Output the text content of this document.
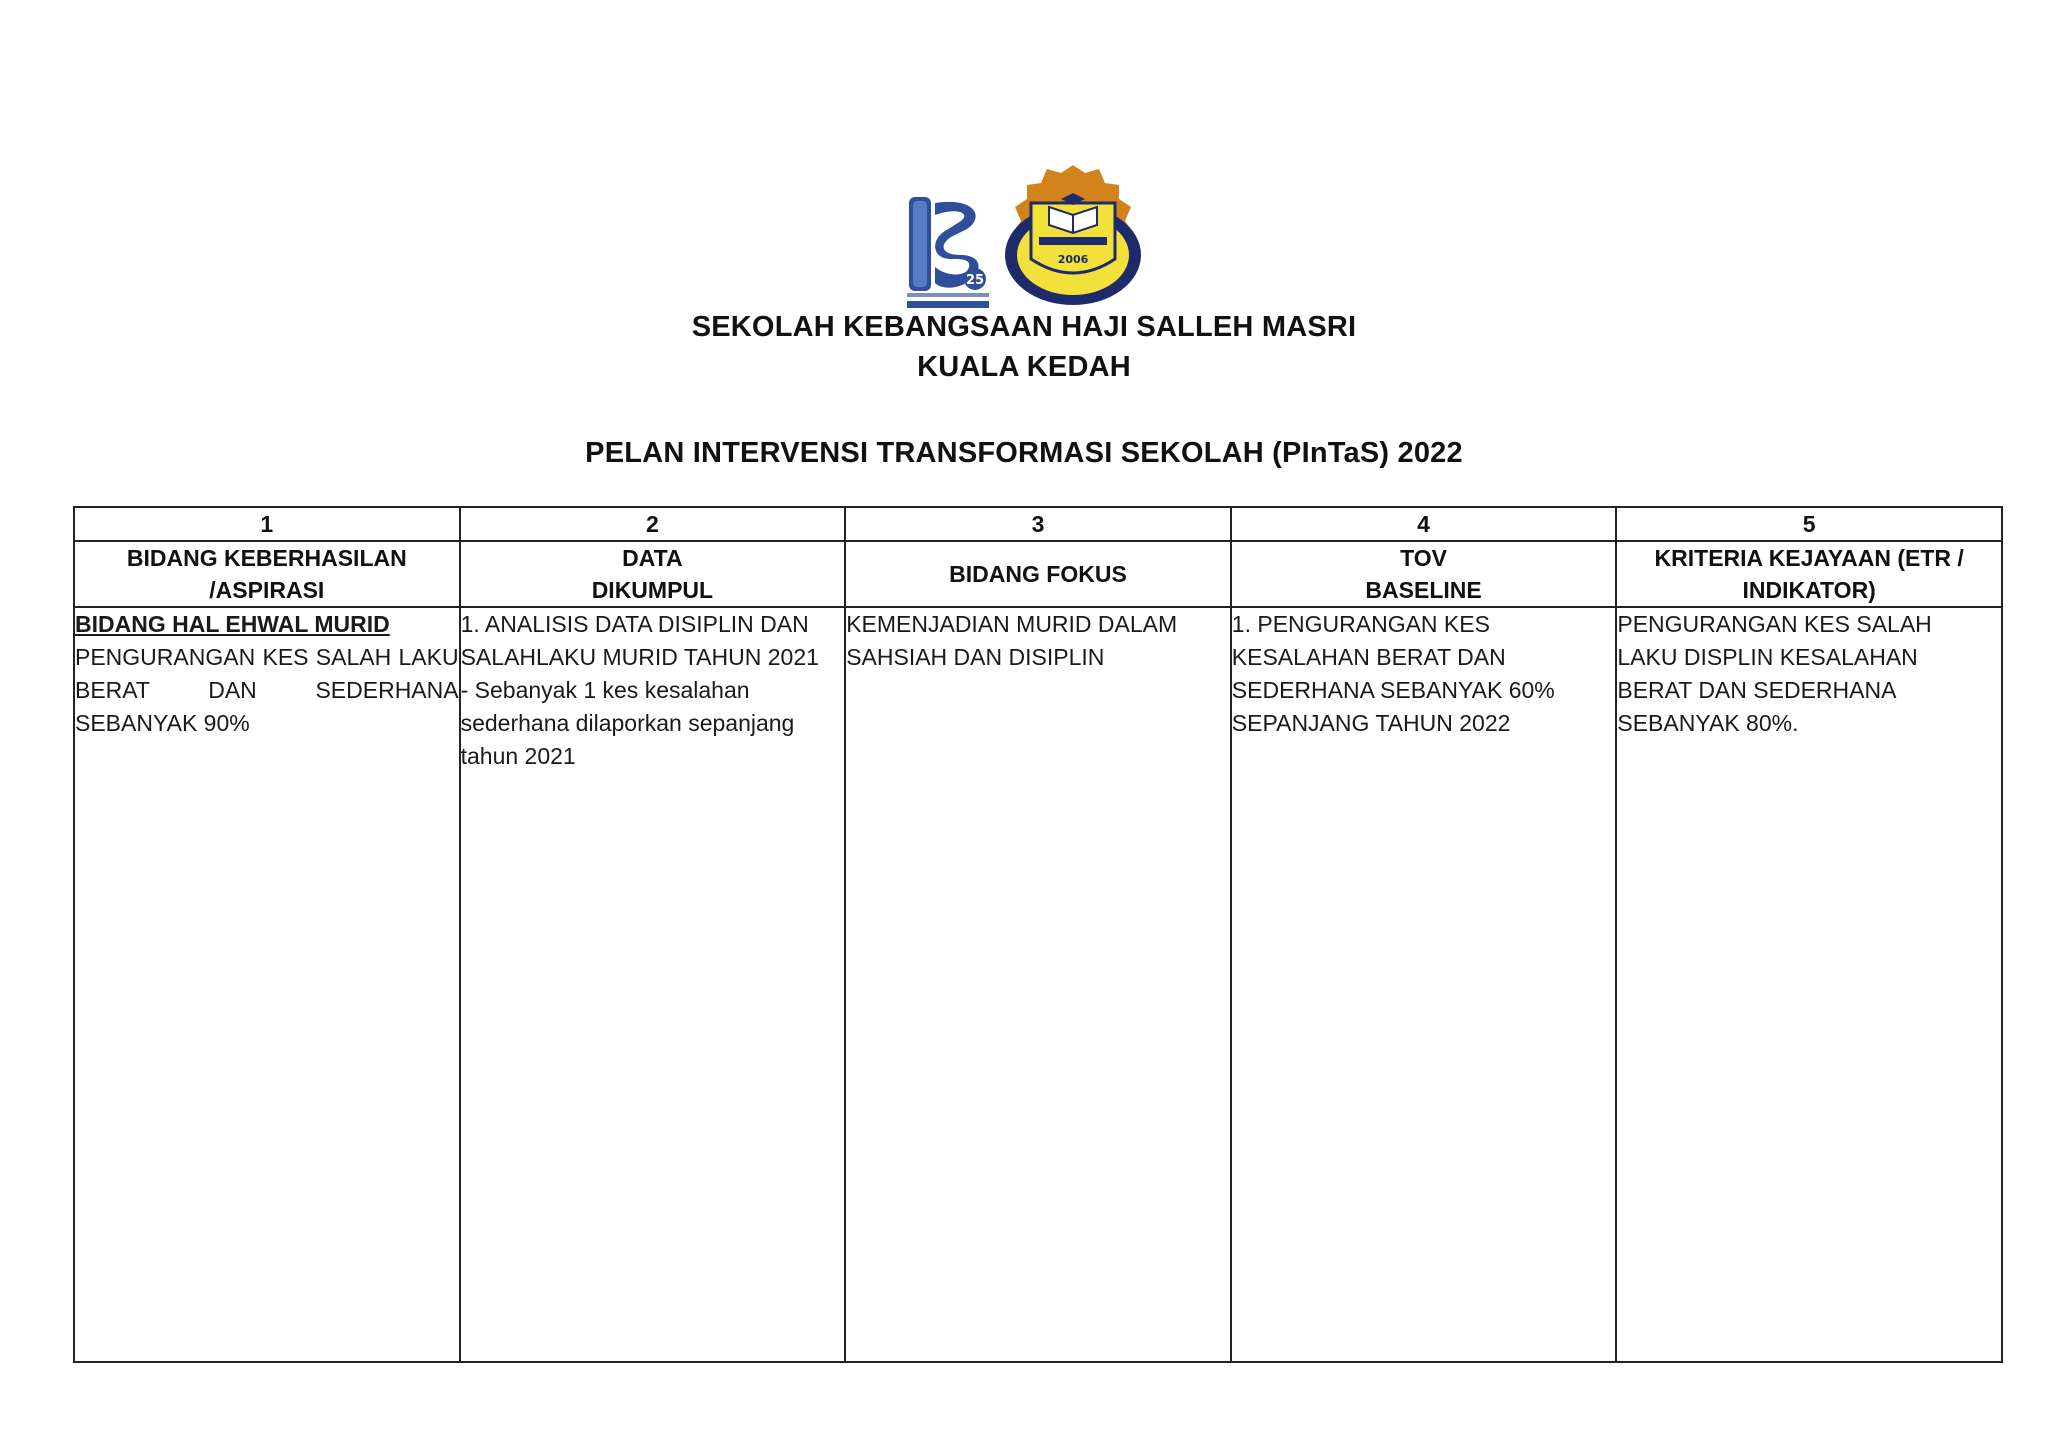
25
2006
SEKOLAH KEBANGSAAN HAJI SALLEH MASRI
KUALA KEDAH
PELAN INTERVENSI TRANSFORMASI SEKOLAH (PInTaS) 2022
1	2	3	4	5

BIDANG KEBERHASILAN
/ASPIRASI	DATA
DIKUMPUL	BIDANG FOKUS	TOV
BASELINE	KRITERIA KEJAYAAN (ETR /
INDIKATOR)

BIDANG HAL EHWAL MURID
PENGURANGAN KES SALAH LAKU BERAT DAN SEDERHANA SEBANYAK 90%	1. ANALISIS DATA DISIPLIN DAN
SALAHLAKU MURID TAHUN 2021
- Sebanyak 1 kes kesalahan
sederhana dilaporkan sepanjang
tahun 2021	KEMENJADIAN MURID DALAM
SAHSIAH DAN DISIPLIN	1. PENGURANGAN KES
KESALAHAN BERAT DAN
SEDERHANA SEBANYAK 60%
SEPANJANG TAHUN 2022	PENGURANGAN KES SALAH
LAKU DISPLIN KESALAHAN
BERAT DAN SEDERHANA
SEBANYAK 80%.
